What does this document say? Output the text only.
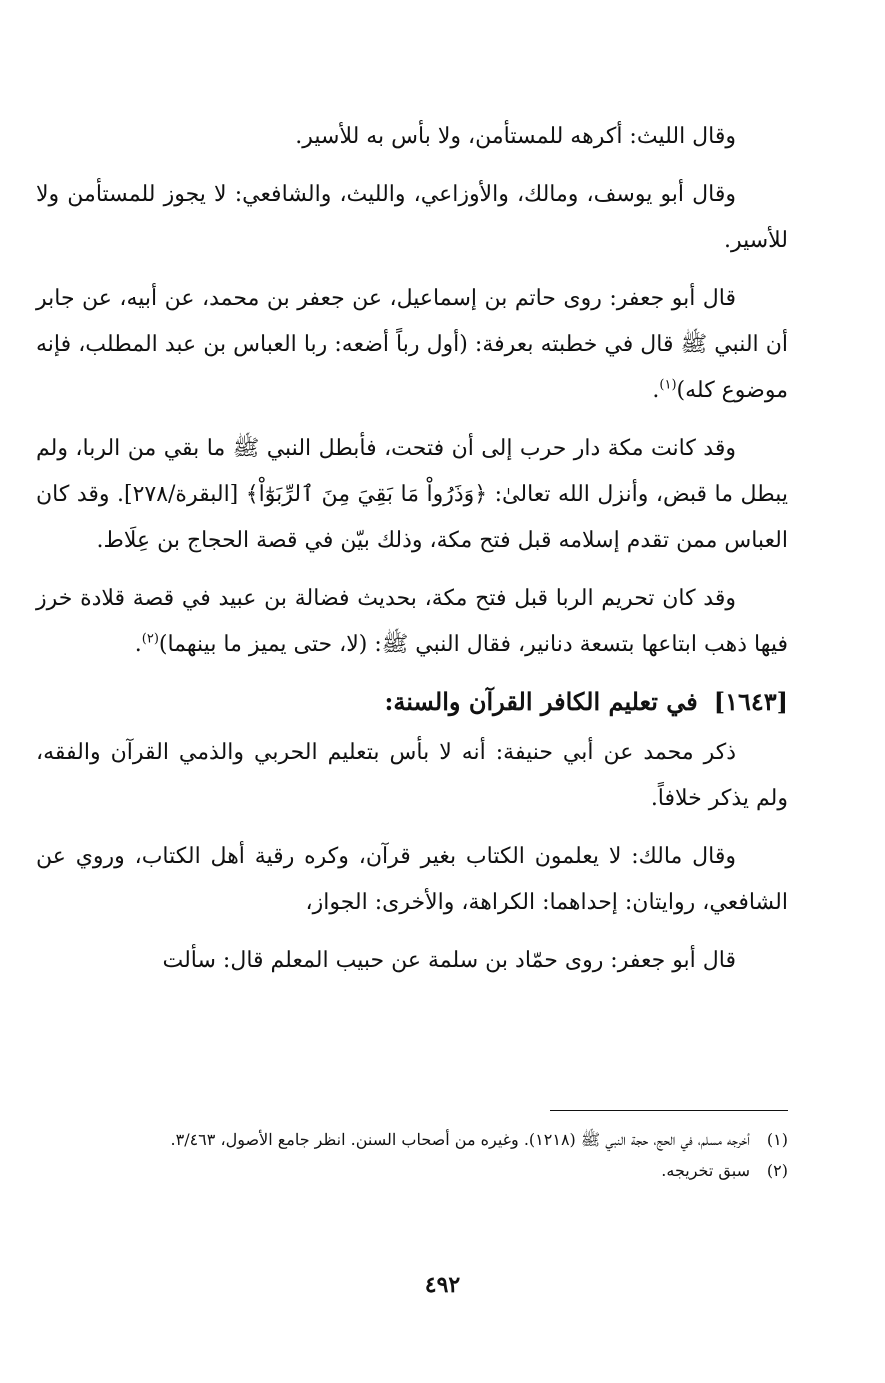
وقال الليث: أكرهه للمستأمن، ولا بأس به للأسير.

وقال أبو يوسف، ومالك، والأوزاعي، والليث، والشافعي: لا يجوز للمستأمن ولا للأسير.

قال أبو جعفر: روى حاتم بن إسماعيل، عن جعفر بن محمد، عن أبيه، عن جابر أن النبي ﷺ قال في خطبته بعرفة: (أول رباً أضعه: ربا العباس بن عبد المطلب، فإنه موضوع كله)$^{(١)}$.

وقد كانت مكة دار حرب إلى أن فتحت، فأبطل النبي ﷺ ما بقي من الربا، ولم يبطل ما قبض، وأنزل الله تعالىٰ: ﴿وَذَرُواْ مَا بَقِيَ مِنَ ٱلرِّبَوٰٓاْ﴾ [البقرة/٢٧٨]. وقد كان العباس ممن تقدم إسلامه قبل فتح مكة، وذلك بيّن في قصة الحجاج بن عِلَاط.

وقد كان تحريم الربا قبل فتح مكة، بحديث فضالة بن عبيد في قصة قلادة خرز فيها ذهب ابتاعها بتسعة دنانير، فقال النبي ﷺ: (لا، حتى يميز ما بينهما)$^{(٢)}$.

[١٦٤٣]في تعليم الكافر القرآن والسنة:

ذكر محمد عن أبي حنيفة: أنه لا بأس بتعليم الحربي والذمي القرآن والفقه، ولم يذكر خلافاً.

وقال مالك: لا يعلمون الكتاب بغير قرآن، وكره رقية أهل الكتاب، وروي عن الشافعي، روايتان: إحداهما: الكراهة، والأخرى: الجواز،

قال أبو جعفر: روى حمّاد بن سلمة عن حبيب المعلم قال: سألت

(١)
أخرجه مسلم، في الحج، حجة النبي ﷺ (١٢١٨). وغيره من أصحاب السنن. انظر جامع الأصول، ٣/٤٦٣.
(٢)
سبق تخريجه.
٤٩٢
